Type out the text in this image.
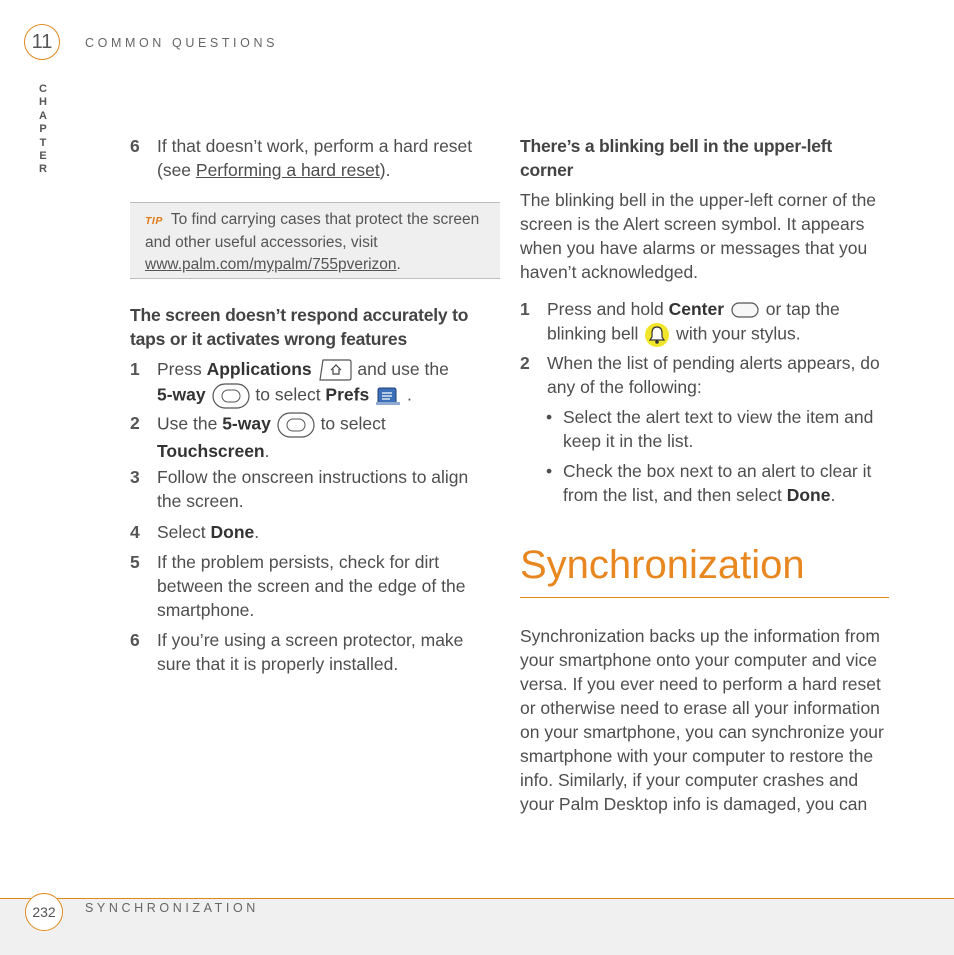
11	COMMON QUESTIONS
C
H
A
P
T
E
R
6 If that doesn’t work, perform a hard reset (see Performing a hard reset).
TIP To find carrying cases that protect the screen and other useful accessories, visit www.palm.com/mypalm/755pverizon.
The screen doesn’t respond accurately to taps or it activates wrong features
1 Press Applications  and use the
5-way	to select Prefs  .
2 Use the 5-way	to select
Touchscreen.
3 Follow the onscreen instructions to align the screen.
4 Select Done.
5 If the problem persists, check for dirt between the screen and the edge of the smartphone.
6 If you’re using a screen protector, make sure that it is properly installed.
There’s a blinking bell in the upper-left corner
The blinking bell in the upper-left corner of the screen is the Alert screen symbol. It appears when you have alarms or messages that you haven’t acknowledged.
1 Press and hold Center  or tap the blinking bell  with your stylus.
2 When the list of pending alerts appears, do any of the following:
• Select the alert text to view the item and keep it in the list.
• Check the box next to an alert to clear it from the list, and then select Done.
Synchronization
Synchronization backs up the information from your smartphone onto your computer and vice versa. If you ever need to perform a hard reset or otherwise need to erase all your information on your smartphone, you can synchronize your smartphone with your computer to restore the info. Similarly, if your computer crashes and your Palm Desktop info is damaged, you can
232	SYNCHRONIZATION
